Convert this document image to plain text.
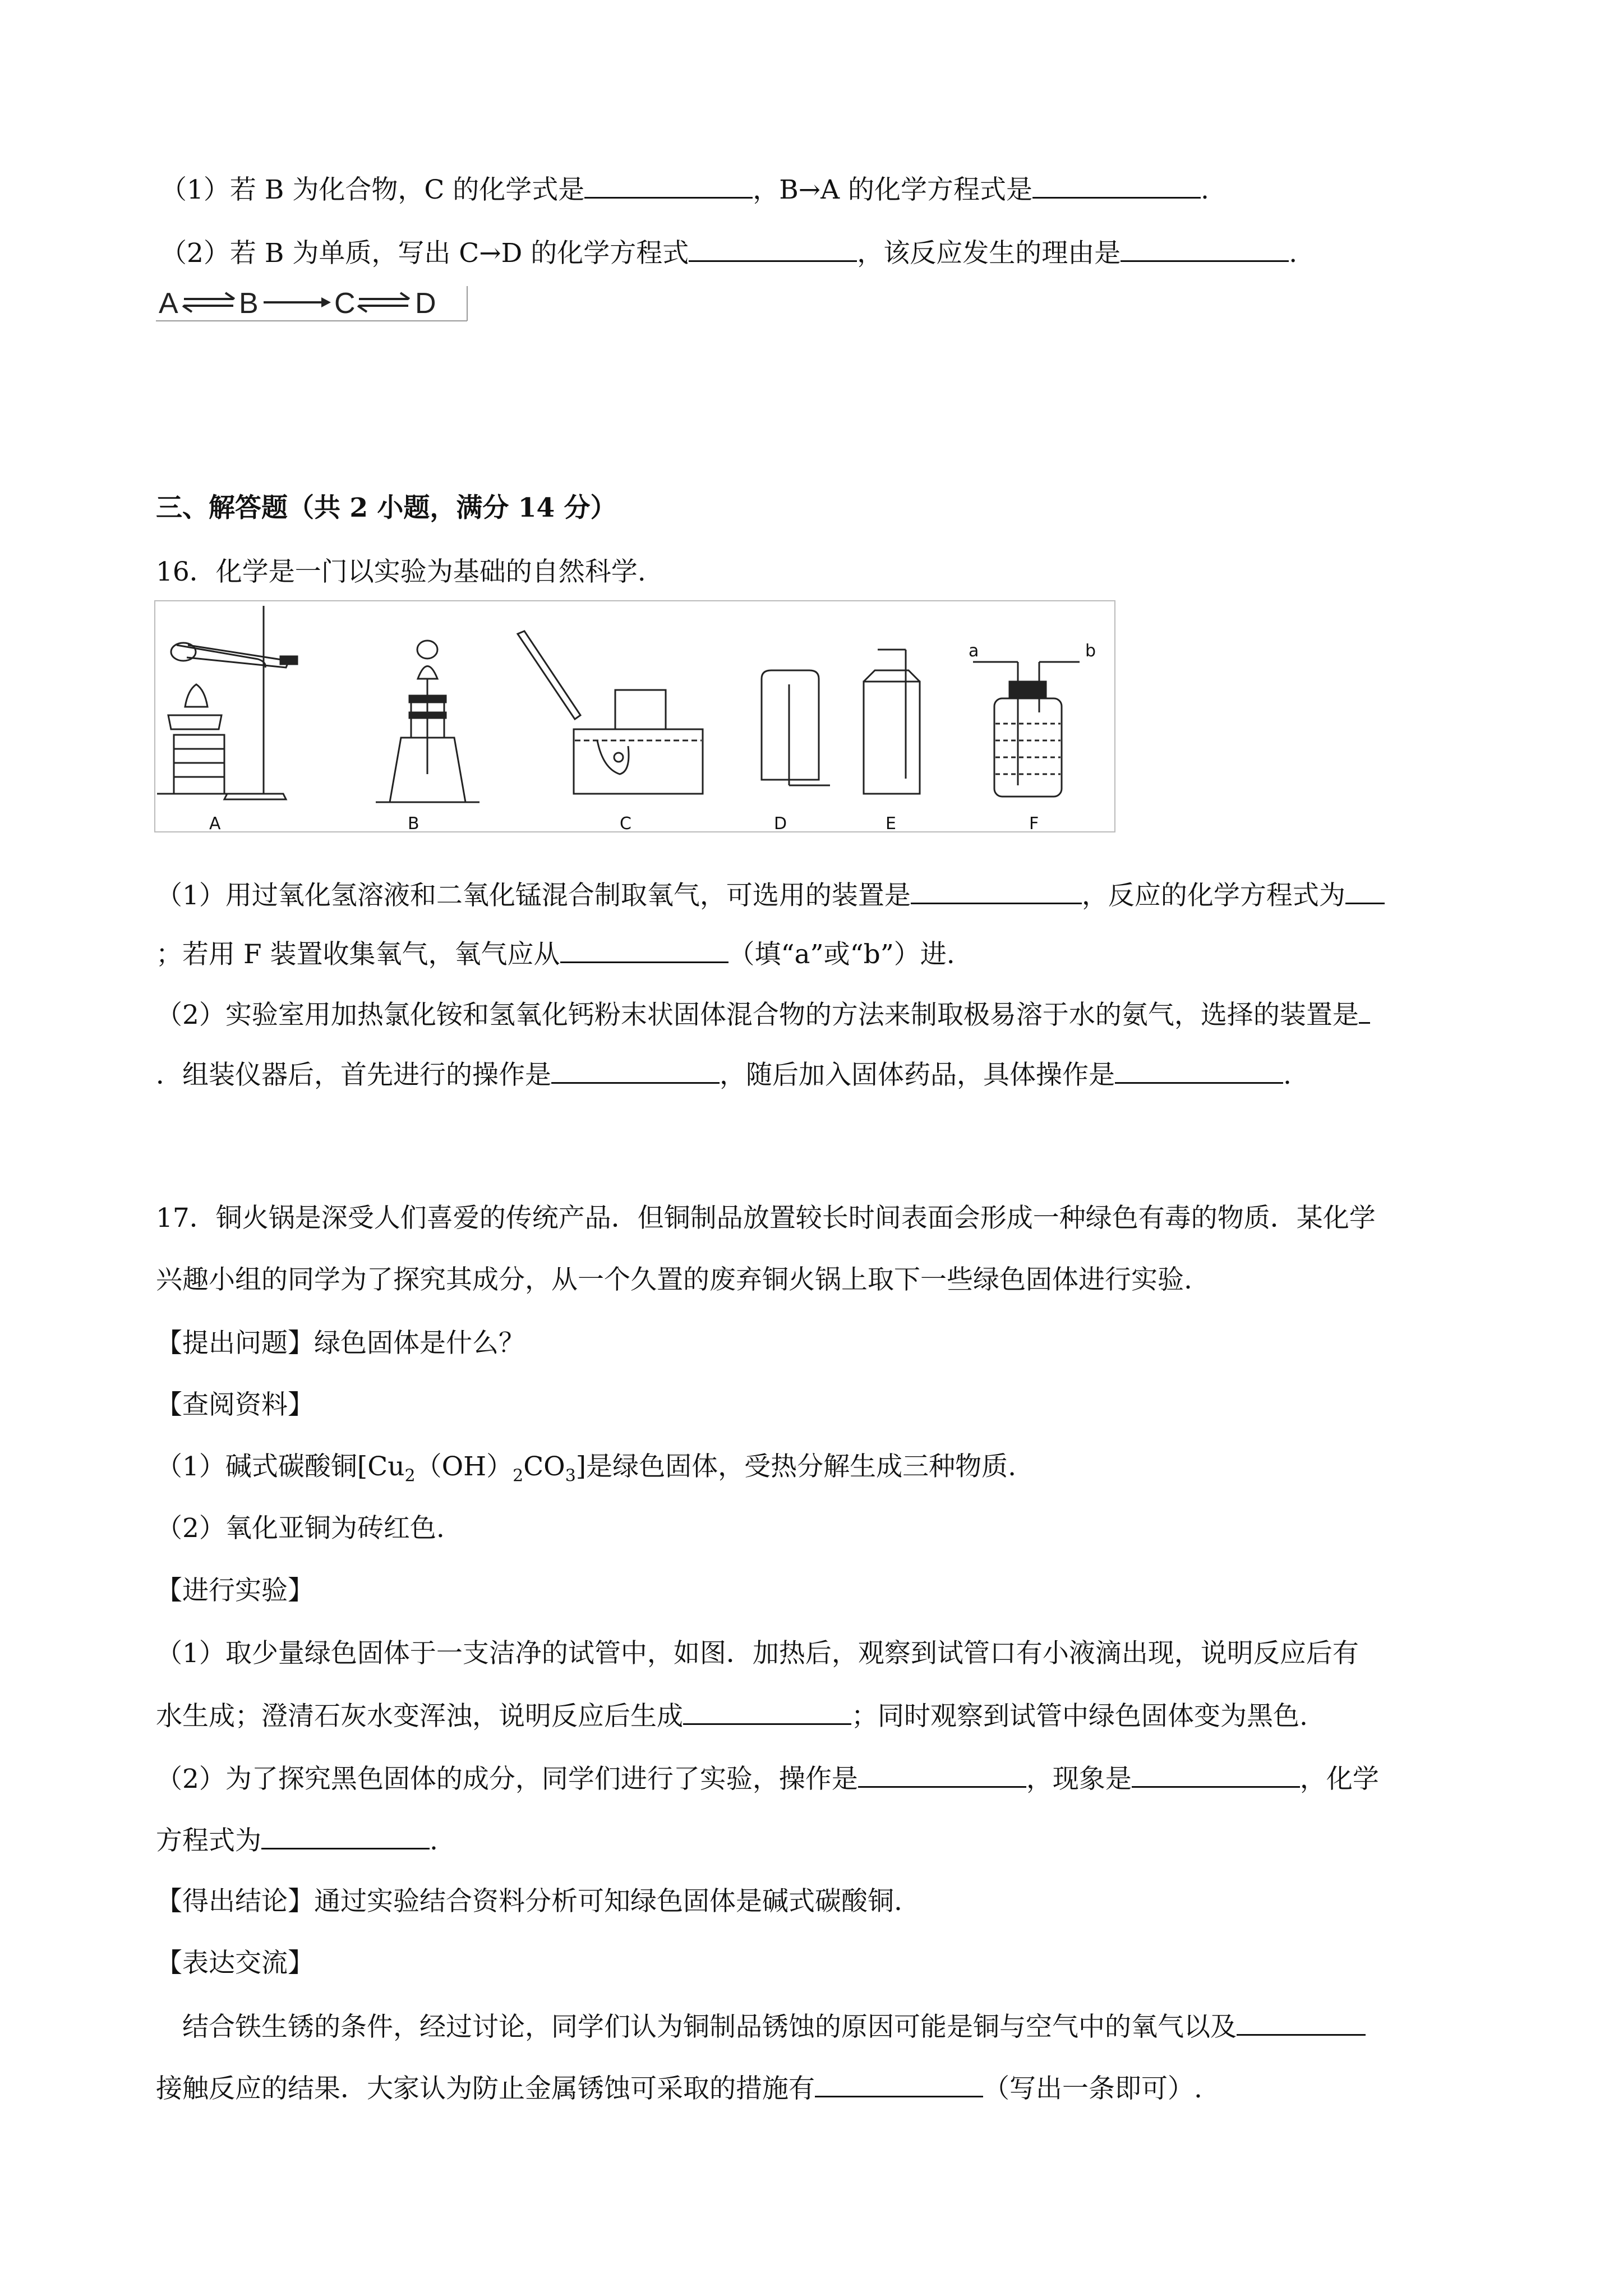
（1）若 B 为化合物，C 的化学式是	，B→A 的化学方程式是	.
（2）若 B 为单质，写出 C→D 的化学方程式	，该反应发生的理由是	.
A B	C D
三、解答题（共 2 小题，满分 14 分）
16．化学是一门以实验为基础的自然科学.
a	b
A	B	C	D	E	F
（1）用过氧化氢溶液和二氧化锰混合制取氧气，可选用的装置是	，反应的化学方程式为
；若用 F 装置收集氧气，氧气应从	（填“a”或“b”）进.
（2）实验室用加热氯化铵和氢氧化钙粉末状固体混合物的方法来制取极易溶于水的氨气，选择的装置是
．组装仪器后，首先进行的操作是	，随后加入固体药品，具体操作是	.
17．铜火锅是深受人们喜爱的传统产品．但铜制品放置较长时间表面会形成一种绿色有毒的物质．某化学
兴趣小组的同学为了探究其成分，从一个久置的废弃铜火锅上取下一些绿色固体进行实验.
【提出问题】绿色固体是什么？
【查阅资料】
（1）碱式碳酸铜$[Cu_2(OH)_2CO_3]$是绿色固体，受热分解生成三种物质.
（2）氧化亚铜为砖红色.
【进行实验】
（1）取少量绿色固体于一支洁净的试管中，如图．加热后，观察到试管口有小液滴出现，说明反应后有
水生成；澄清石灰水变浑浊，说明反应后生成	；同时观察到试管中绿色固体变为黑色.
（2）为了探究黑色固体的成分，同学们进行了实验，操作是	，现象是	，化学
方程式为	.
【得出结论】通过实验结合资料分析可知绿色固体是碱式碳酸铜.
【表达交流】
结合铁生锈的条件，经过讨论，同学们认为铜制品锈蚀的原因可能是铜与空气中的氧气以及
接触反应的结果．大家认为防止金属锈蚀可采取的措施有	（写出一条即可）.
